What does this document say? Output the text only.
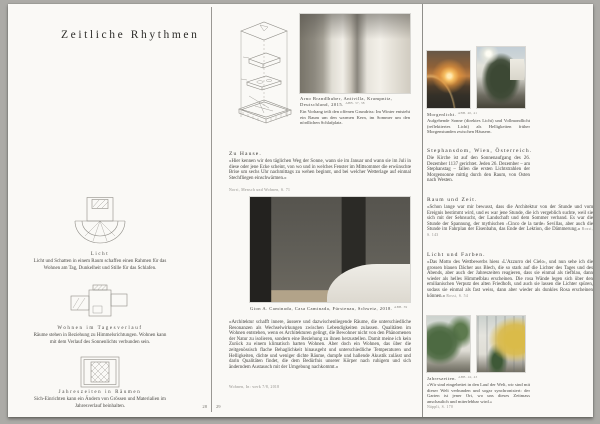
Zeitliche Rhythmen
Licht
Licht und Schatten in einem Raum schaffen einen Rahmen für das Wohnen am Tag, Dunkelheit und Stille für das Schlafen.
Wohnen im Tagesverlauf
Räume stehen in Beziehung zu Himmelsrichtungen. Wohnen kann mit dem Verlauf des Sonnenlichts verbunden sein.
Jahreszeiten in Räumen
Sich-Einrichten kann ein Ändern von Grössen und Materialien im Jahresverlauf beinhalten.	28 29

Arno Brandlhuber, Antivilla, Krampnitz, Deutschland, 2015. $^{ABB. 37, 38}$

Ein Vorhang teilt den offenen Grundriss: Im Winter entsteht ein Raum um den warmen Kern, im Sommer um den nördlichen Schlafplatz.

Zu Hause.

«Hier kennen wir den täglichen Weg der Sonne, wann sie im Januar und wann sie im Juli in diese oder jene Ecke scheint, von wo und in welches Fenster im Mittsommer die erwünschte Brise um sechs Uhr nachmittags zu wehen beginnt, und bei welcher Wetterlage auf einmal Stechfliegen einschwärmen.»

Norri, Mensch und Wohnen, S. 71

Gion A. Caminada, Casa Caminada, Fürstenau, Schweiz, 2018. $^{ABB. 39}$

«Architektur schafft innere, äussere und dazwischenliegende Räume, die unterschiedliche Resonanzen als Wechselwirkungen zwischen Lebendigkeiten zulassen. Qualitäten im Wohnen entstehen, wenn es Architekturen gelingt, die Bewohner nicht von den Phänomenen der Natur zu isolieren, sondern eine Beziehung zu ihnen herzustellen. Damit meine ich kein Zurück zu einem klimatisch harten Wohnen. Aber doch ein Wohnen, das über die zeitgenössisch flache Behaglichkeit hinausgeht und unterschiedliche Temperaturen und Helligkeiten, dichte und weniger dichte Räume, dumpfe und hallende Akustik zulässt und darin Qualitäten findet, die dem Bedürfnis unserer Körper nach ruhigem und sich änderndem Austausch mit der Umgebung nachkommt.»

Wohnen, In: werk 7/8, 2018

Morgenlicht. $^{ABB. 40, 41}$

Aufgehende Sonne (direktes Licht) und Vollmondlicht (reflektiertes Licht) als Helligkeiten früher Morgenstunden zwischen Häusern.

Stephansdom, Wien, Österreich.

Die Kirche ist auf den Sonnenaufgang des 26. Dezember 1137 gerichtet. Jeden 26. Dezember – am Stephanstag – fallen die ersten Lichtstrahlen der Morgensonne mittig durch den Raum, von Osten nach Westen.

Raum und Zeit.

«Schon lange war mir bewusst, dass die Architektur von der Stunde und vom Ereignis bestimmt wird, und es war jene Stunde, die ich vergeblich suchte, weil sie sich mit der Sehnsucht, der Landschaft und dem Sommer verband. Es war die Stunde der Spannung, der mythischen ‹Cinco de la tarde› Sevillas, aber auch die Stunde im Fahrplan der Eisenbahn, das Ende der Lektion, die Dämmerung.» Rossi, S. 143

Licht und Farben.

«Das Motto des Wettbewerbs hiess ‹L'Azzurro del Cielo›, und nun sehe ich die grossen blauen Dächer aus Blech, die so stark auf die Lichter des Tages und des Abends, aber auch der Jahreszeiten reagieren, dass sie einmal als tiefblau, dann wieder als helles Himmelblau erscheinen. Die rosa Wände legen sich über den emilianischen Verputz des alten Friedhofs, und auch sie lassen die Lichter spüren, sodass sie einmal als fast weiss, dann aber wieder als dunkles Rosa erscheinen können.» Rossi, S. 54

Jahreszeiten. $^{ABB. 42, 43}$

«Wir sind eingebettet in den Lauf der Welt, wir sind mit dieser Welt verbunden und sogar synchronisiert: der Garten ist jener Ort, wo uns dieses Zeitmass anschaulich und miterlebbar wird.»

Näppli, S. 170
